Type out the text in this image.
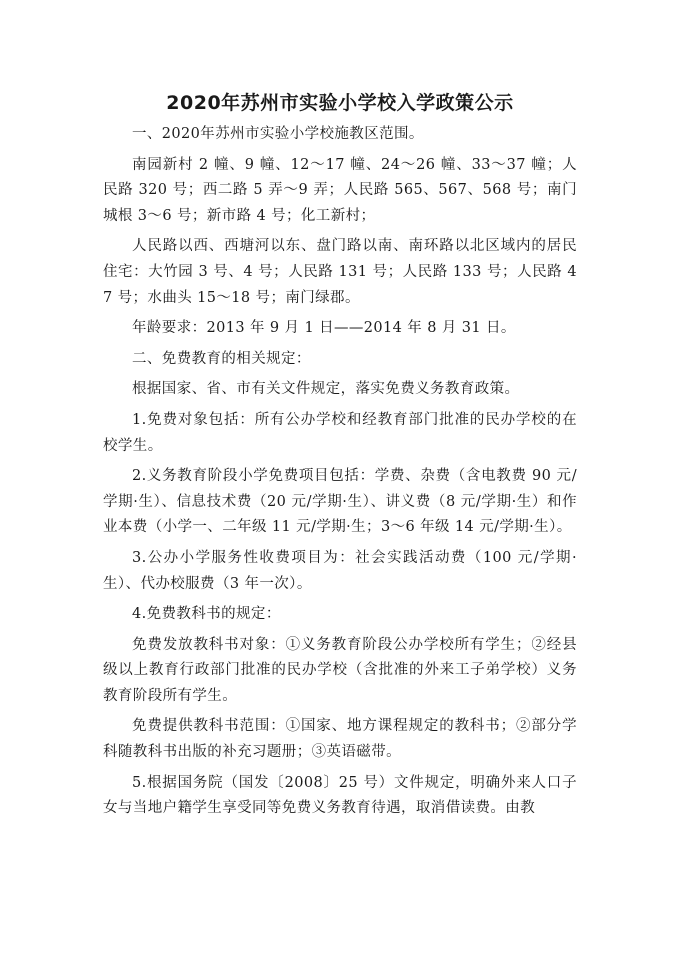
2020年苏州市实验小学校入学政策公示

一、2020年苏州市实验小学校施教区范围。

南园新村 2 幢、9 幢、12～17 幢、24～26 幢、33～37 幢；人民路 320 号；西二路 5 弄～9 弄；人民路 565、567、568 号；南门城根 3～6 号；新市路 4 号；化工新村；

人民路以西、西塘河以东、盘门路以南、南环路以北区域内的居民住宅：大竹园 3 号、4 号；人民路 131 号；人民路 133 号；人民路 47 号；水曲头 15～18 号；南门绿郡。

年龄要求：2013 年 9 月 1 日——2014 年 8 月 31 日。

二、免费教育的相关规定：

根据国家、省、市有关文件规定，落实免费义务教育政策。

1.免费对象包括：所有公办学校和经教育部门批准的民办学校的在校学生。

2.义务教育阶段小学免费项目包括：学费、杂费（含电教费 90 元/学期·生）、信息技术费（20 元/学期·生）、讲义费（8 元/学期·生）和作业本费（小学一、二年级 11 元/学期·生；3～6 年级 14 元/学期·生）。

3.公办小学服务性收费项目为：社会实践活动费（100 元/学期·生）、代办校服费（3 年一次）。

4.免费教科书的规定：

免费发放教科书对象：①义务教育阶段公办学校所有学生；②经县级以上教育行政部门批准的民办学校（含批准的外来工子弟学校）义务教育阶段所有学生。

免费提供教科书范围：①国家、地方课程规定的教科书；②部分学科随教科书出版的补充习题册；③英语磁带。

5.根据国务院（国发〔2008〕25 号）文件规定，明确外来人口子女与当地户籍学生享受同等免费义务教育待遇，取消借读费。由教
